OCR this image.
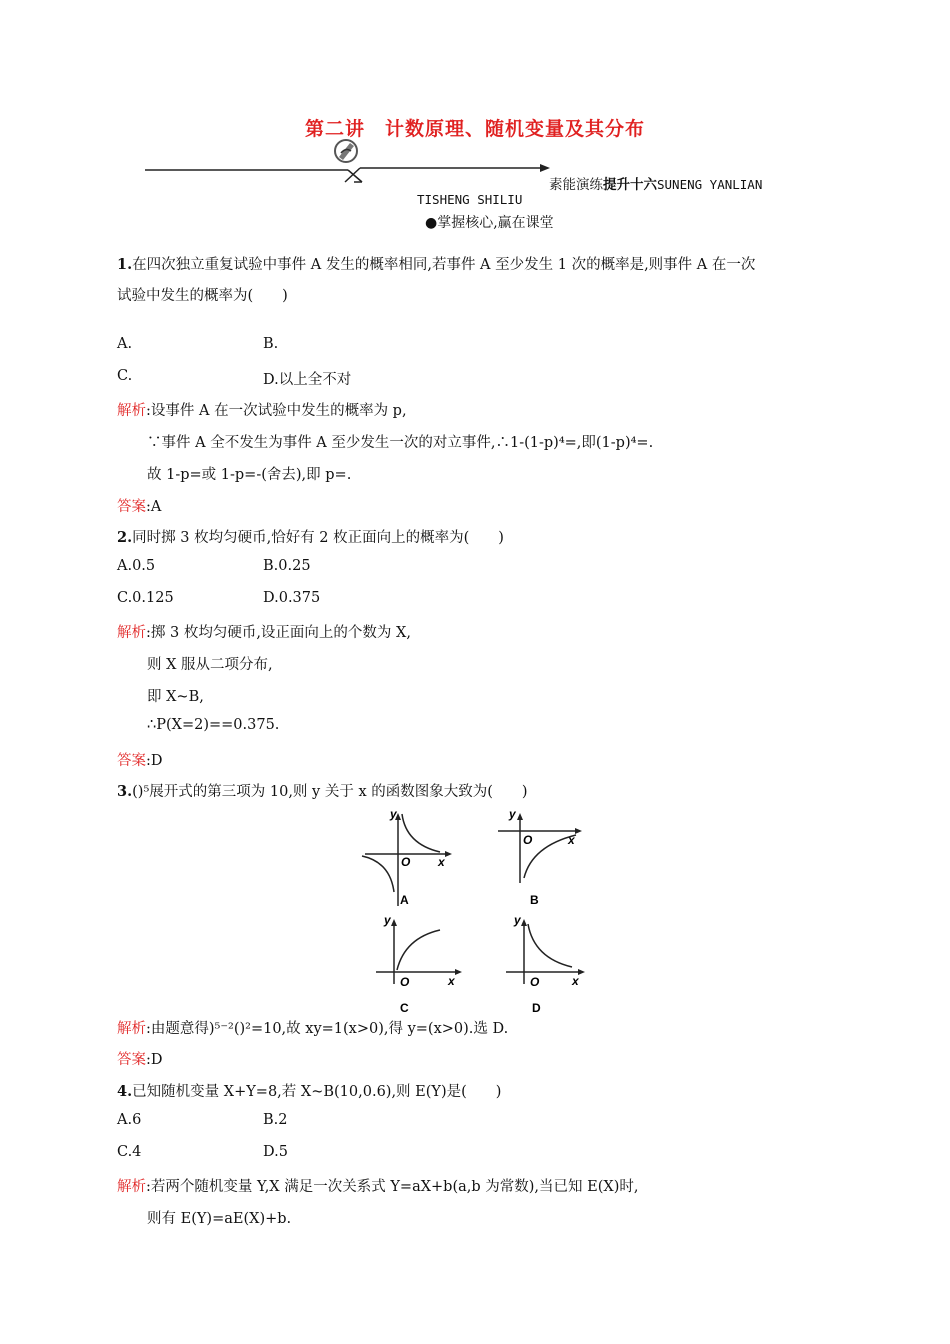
第二讲　计数原理、随机变量及其分布
素能演练提升十六SUNENG YANLIAN
TISHENG SHILIU
●掌握核心,赢在课堂
1.在四次独立重复试验中事件 A 发生的概率相同,若事件 A 至少发生 1 次的概率是,则事件 A 在一次
试验中发生的概率为(　　)
A.	B.
C.	D.以上全不对
解析:设事件 A 在一次试验中发生的概率为 p,
∵事件 A 全不发生为事件 A 至少发生一次的对立事件,∴1-(1-p)⁴=,即(1-p)⁴=.
故 1-p=或 1-p=-(舍去),即 p=.
答案:A
2.同时掷 3 枚均匀硬币,恰好有 2 枚正面向上的概率为(　　)
A.0.5	B.0.25
C.0.125	D.0.375
解析:掷 3 枚均匀硬币,设正面向上的个数为 X,
则 X 服从二项分布,
即 X~B,
∴P(X=2)==0.375.
答案:D
3.()⁵展开式的第三项为 10,则 y 关于 x 的函数图象大致为(　　)
y
x
O
A
y
x
O
B
y
x
O
C
y
x
O
D
解析:由题意得)⁵⁻²()²=10,故 xy=1(x>0),得 y=(x>0).选 D.
答案:D
4.已知随机变量 X+Y=8,若 X~B(10,0.6),则 E(Y)是(　　)
A.6	B.2
C.4	D.5
解析:若两个随机变量 Y,X 满足一次关系式 Y=aX+b(a,b 为常数),当已知 E(X)时,
则有 E(Y)=aE(X)+b.
